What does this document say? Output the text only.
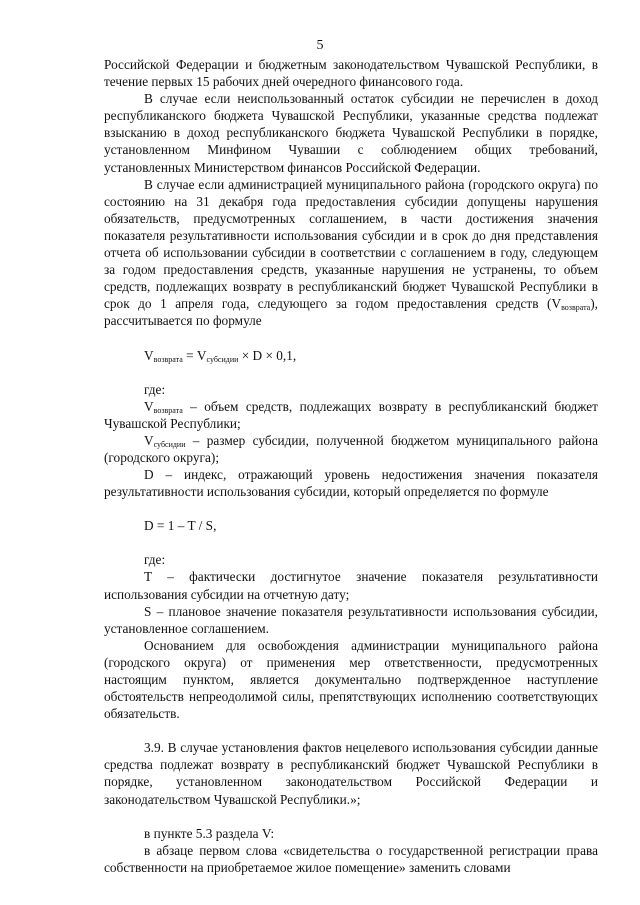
5

Российской Федерации и бюджетным законодательством Чувашской Республики, в течение первых 15 рабочих дней очередного финансового года.

В случае если неиспользованный остаток субсидии не перечислен в доход республиканского бюджета Чувашской Республики, указанные средства подлежат взысканию в доход республиканского бюджета Чувашской Республики в порядке, установленном Минфином Чувашии с соблюдением общих требований, установленных Министерством финансов Российской Федерации.

В случае если администрацией муниципального района (городского округа) по состоянию на 31 декабря года предоставления субсидии допущены нарушения обязательств, предусмотренных соглашением, в части достижения значения показателя результативности использования субсидии и в срок до дня представления отчета об использовании субсидии в соответствии с соглашением в году, следующем за годом предоставления средств, указанные нарушения не устранены, то объем средств, подлежащих возврату в республиканский бюджет Чувашской Республики в срок до 1 апреля года, следующего за годом предоставления средств $(V_{возврата})$, рассчитывается по формуле

$V_{возврата} = V_{субсидии} \times D \times 0,1$,

где:

$V_{возврата}$ – объем средств, подлежащих возврату в республиканский бюджет Чувашской Республики;

$V_{субсидии}$ – размер субсидии, полученной бюджетом муниципального района (городского округа);

D – индекс, отражающий уровень недостижения значения показателя результативности использования субсидии, который определяется по формуле

D = 1 – T / S,

где:

T – фактически достигнутое значение показателя результативности использования субсидии на отчетную дату;

S – плановое значение показателя результативности использования субсидии, установленное соглашением.

Основанием для освобождения администрации муниципального района (городского округа) от применения мер ответственности, предусмотренных настоящим пунктом, является документально подтвержденное наступление обстоятельств непреодолимой силы, препятствующих исполнению соответствующих обязательств.

3.9. В случае установления фактов нецелевого использования субсидии данные средства подлежат возврату в республиканский бюджет Чувашской Республики в порядке, установленном законодательством Российской Федерации и законодательством Чувашской Республики.»;

в пункте 5.3 раздела V:

в абзаце первом слова «свидетельства о государственной регистрации права собственности на приобретаемое жилое помещение» заменить словами
